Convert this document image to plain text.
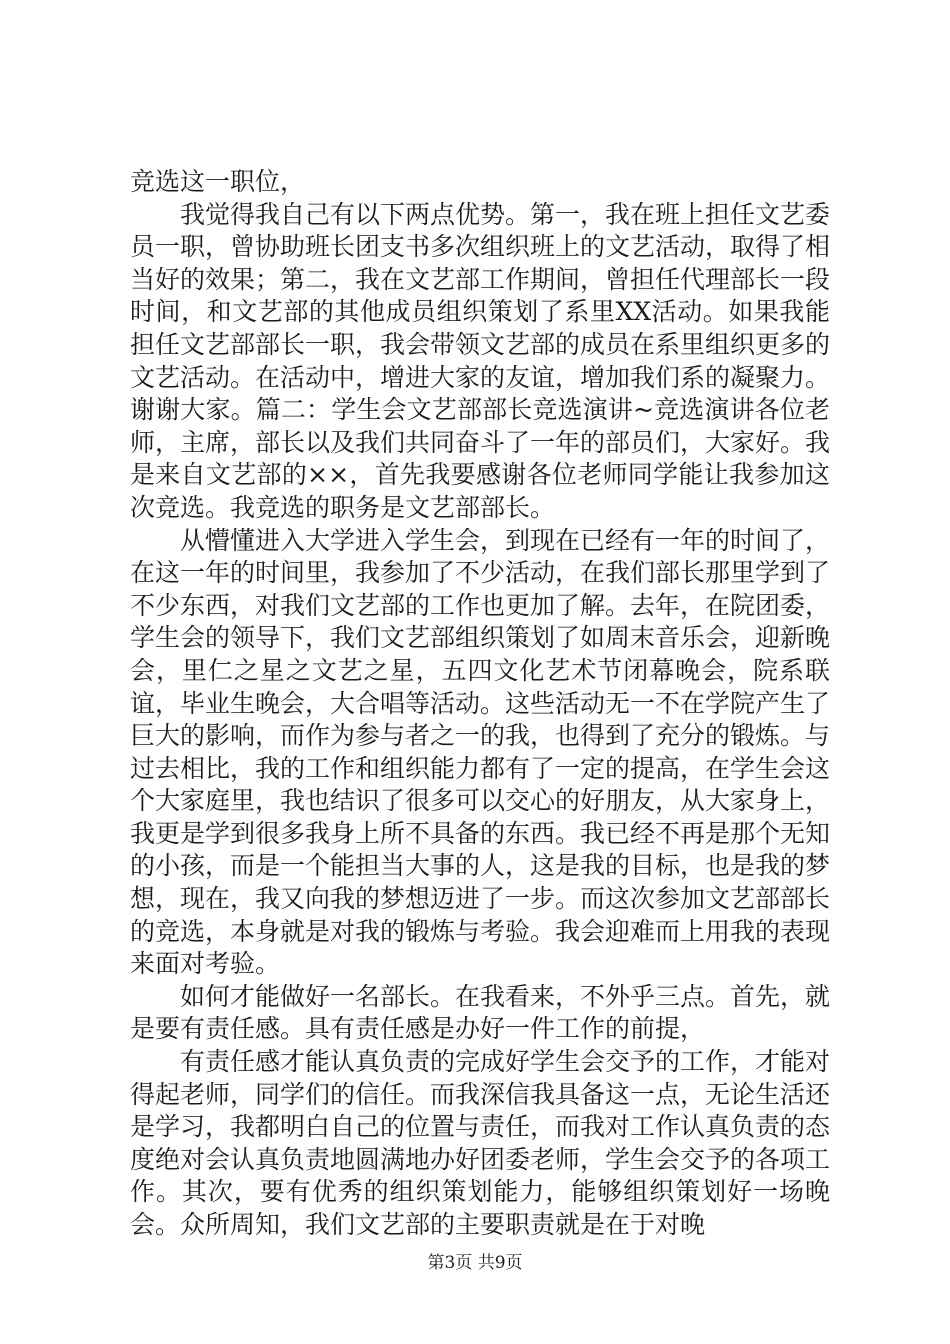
竞选这一职位，

我觉得我自己有以下两点优势。第一，我在班上担任文艺委员一职，曾协助班长团支书多次组织班上的文艺活动，取得了相当好的效果；第二，我在文艺部工作期间，曾担任代理部长一段时间，和文艺部的其他成员组织策划了系里XX活动。如果我能担任文艺部部长一职，我会带领文艺部的成员在系里组织更多的文艺活动。在活动中，增进大家的友谊，增加我们系的凝聚力。谢谢大家。篇二：学生会文艺部部长竞选演讲~竞选演讲各位老师，主席，部长以及我们共同奋斗了一年的部员们，大家好。我是来自文艺部的××，首先我要感谢各位老师同学能让我参加这次竞选。我竞选的职务是文艺部部长。

从懵懂进入大学进入学生会，到现在已经有一年的时间了，在这一年的时间里，我参加了不少活动，在我们部长那里学到了不少东西，对我们文艺部的工作也更加了解。去年，在院团委，学生会的领导下，我们文艺部组织策划了如周末音乐会，迎新晚会，里仁之星之文艺之星，五四文化艺术节闭幕晚会，院系联谊，毕业生晚会，大合唱等活动。这些活动无一不在学院产生了巨大的影响，而作为参与者之一的我，也得到了充分的锻炼。与过去相比，我的工作和组织能力都有了一定的提高，在学生会这个大家庭里，我也结识了很多可以交心的好朋友，从大家身上，我更是学到很多我身上所不具备的东西。我已经不再是那个无知的小孩，而是一个能担当大事的人，这是我的目标，也是我的梦想，现在，我又向我的梦想迈进了一步。而这次参加文艺部部长的竞选，本身就是对我的锻炼与考验。我会迎难而上用我的表现来面对考验。

如何才能做好一名部长。在我看来，不外乎三点。首先，就是要有责任感。具有责任感是办好一件工作的前提，

有责任感才能认真负责的完成好学生会交予的工作，才能对得起老师，同学们的信任。而我深信我具备这一点，无论生活还是学习，我都明白自己的位置与责任，而我对工作认真负责的态度绝对会认真负责地圆满地办好团委老师，学生会交予的各项工作。其次，要有优秀的组织策划能力，能够组织策划好一场晚会。众所周知，我们文艺部的主要职责就是在于对晚

第3页 共9页
